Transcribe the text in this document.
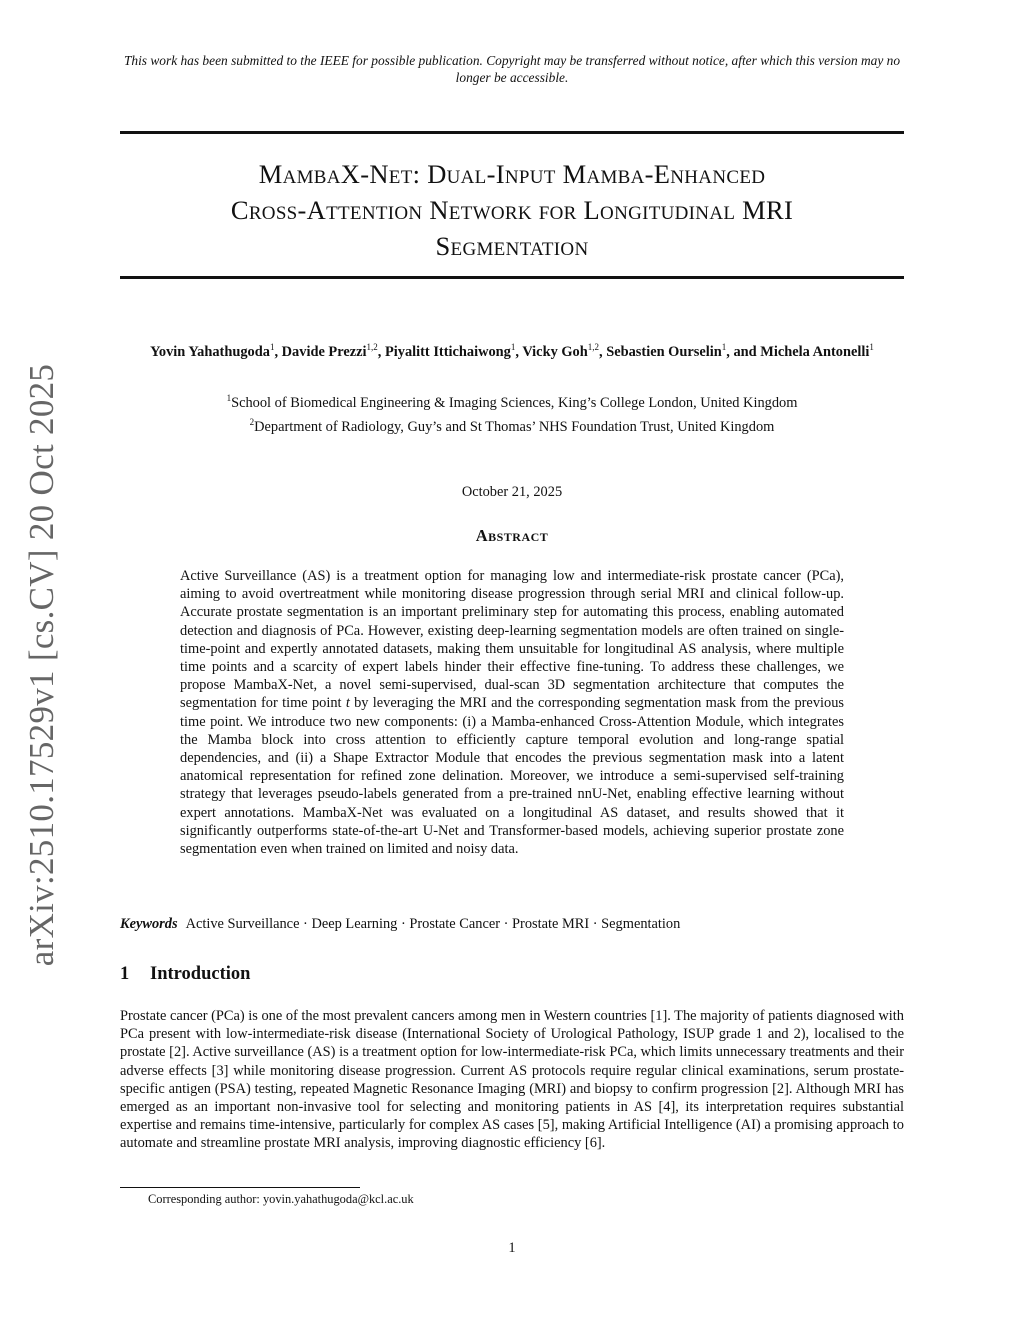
This work has been submitted to the IEEE for possible publication. Copyright may be transferred without notice, after which this version may no longer be accessible.
MambaX-Net: Dual-Input Mamba-Enhanced
Cross-Attention Network for Longitudinal MRI
Segmentation
Yovin Yahathugoda$^1$, Davide Prezzi$^{1,2}$, Piyalitt Ittichaiwong$^1$, Vicky Goh$^{1,2}$, Sebastien Ourselin$^1$, and Michela Antonelli$^1$
$^1$School of Biomedical Engineering & Imaging Sciences, King’s College London, United Kingdom
$^2$Department of Radiology, Guy’s and St Thomas’ NHS Foundation Trust, United Kingdom
October 21, 2025
Abstract
Active Surveillance (AS) is a treatment option for managing low and intermediate-risk prostate cancer (PCa), aiming to avoid overtreatment while monitoring disease progression through serial MRI and clinical follow-up. Accurate prostate segmentation is an important preliminary step for automating this process, enabling automated detection and diagnosis of PCa. However, existing deep-learning segmentation models are often trained on single-time-point and expertly annotated datasets, making them unsuitable for longitudinal AS analysis, where multiple time points and a scarcity of expert labels hinder their effective fine-tuning. To address these challenges, we propose MambaX-Net, a novel semi-supervised, dual-scan 3D segmentation architecture that computes the segmentation for time point t by leveraging the MRI and the corresponding segmentation mask from the previous time point. We introduce two new components: (i) a Mamba-enhanced Cross-Attention Module, which integrates the Mamba block into cross attention to efficiently capture temporal evolution and long-range spatial dependencies, and (ii) a Shape Extractor Module that encodes the previous segmentation mask into a latent anatomical representation for refined zone delination. Moreover, we introduce a semi-supervised self-training strategy that leverages pseudo-labels generated from a pre-trained nnU-Net, enabling effective learning without expert annotations. MambaX-Net was evaluated on a longitudinal AS dataset, and results showed that it significantly outperforms state-of-the-art U-Net and Transformer-based models, achieving superior prostate zone segmentation even when trained on limited and noisy data.
Keywords Active Surveillance · Deep Learning · Prostate Cancer · Prostate MRI · Segmentation
1 Introduction
Prostate cancer (PCa) is one of the most prevalent cancers among men in Western countries [1]. The majority of patients diagnosed with PCa present with low-intermediate-risk disease (International Society of Urological Pathology, ISUP grade 1 and 2), localised to the prostate [2]. Active surveillance (AS) is a treatment option for low-intermediate-risk PCa, which limits unnecessary treatments and their adverse effects [3] while monitoring disease progression. Current AS protocols require regular clinical examinations, serum prostate-specific antigen (PSA) testing, repeated Magnetic Resonance Imaging (MRI) and biopsy to confirm progression [2]. Although MRI has emerged as an important non-invasive tool for selecting and monitoring patients in AS [4], its interpretation requires substantial expertise and remains time-intensive, particularly for complex AS cases [5], making Artificial Intelligence (AI) a promising approach to automate and streamline prostate MRI analysis, improving diagnostic efficiency [6].
Corresponding author: yovin.yahathugoda@kcl.ac.uk
1
arXiv:2510.17529v1 [cs.CV] 20 Oct 2025
